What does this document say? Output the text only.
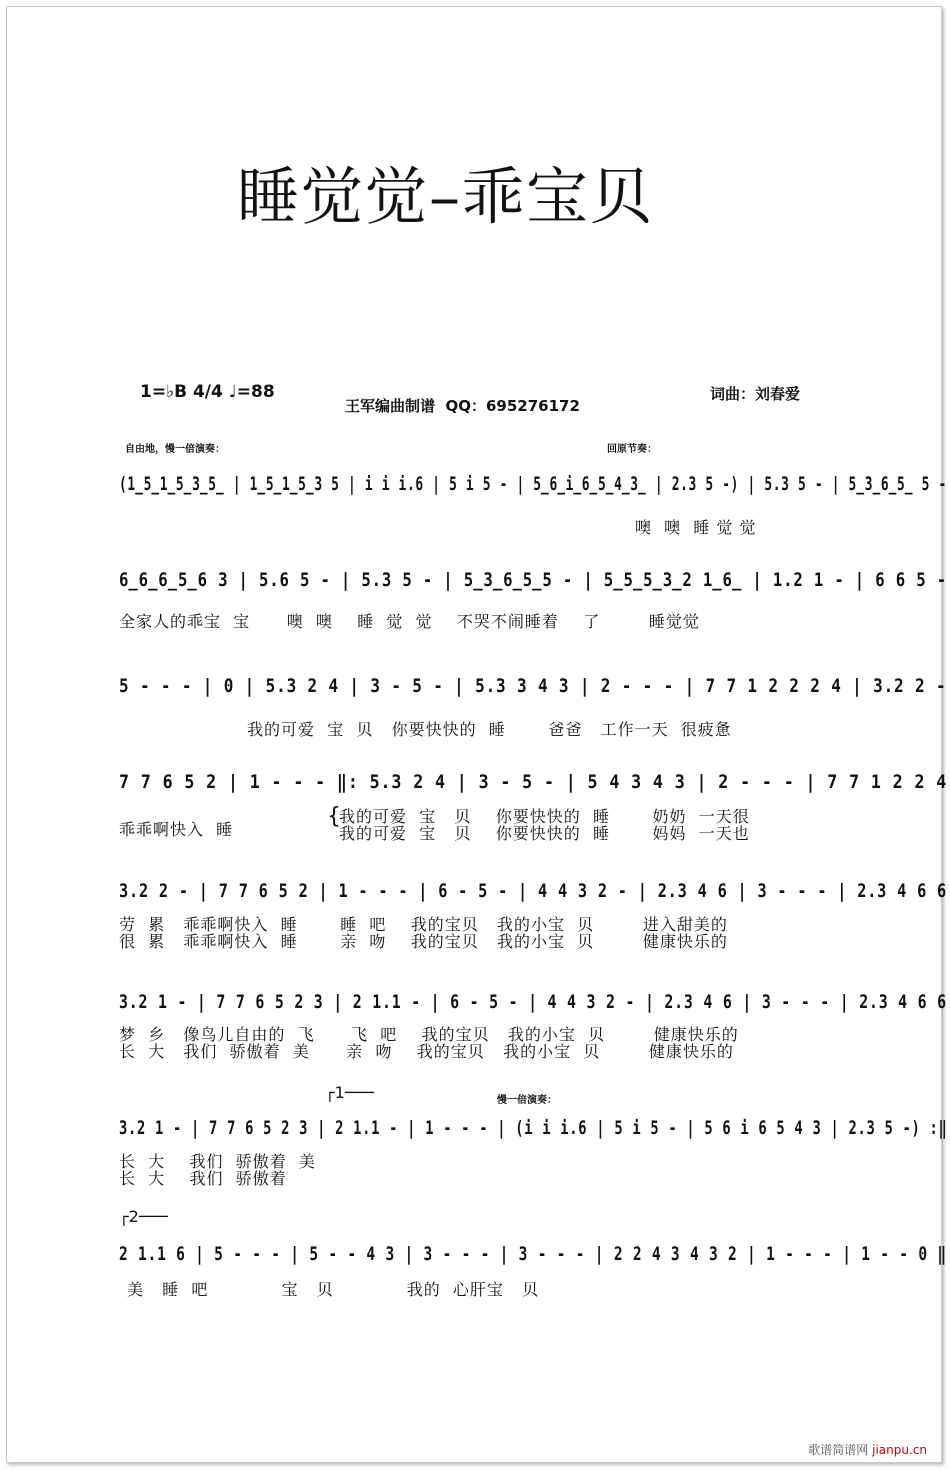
睡觉觉–乖宝贝
1=♭B 4/4 ♩=88
王军编曲制谱  QQ：695276172
词曲：刘春爱
自由地，慢一倍演奏：	回原节奏：
(1̲5̲1̲5̲3̲5̲ | 1̲5̲1̲5̲3 5 | i i i.6 | 5 i 5 - | 5̲6̲i̲6̲5̲4̲3̲ | 2.3 5 -) | 5.3 5 - | 5̲3̲6̲5̲ 5 -
噢  噢  睡 觉 觉
6̲6̲6̲5̲6 3 | 5.6 5 - | 5.3 5 - | 5̲3̲6̲5̲5 - | 5̲5̲5̲3̲2 1̲6̲ | 1.2 1 - | 6 6 5 -
全家人的乖宝  宝      噢  噢    睡  觉  觉    不哭不闹睡着    了        睡觉觉
5 - - - | 0 | 5.3 2 4 | 3 - 5 - | 5.3 3 4 3 | 2 - - - | 7 7 1 2 2 2 4 | 3.2 2 -
我的可爱  宝  贝   你要快快的  睡       爸爸   工作一天  很疲惫
7 7 6 5 2 | 1 - - - ‖: 5.3 2 4 | 3 - 5 - | 5 4 3 4 3 | 2 - - - | 7 7 1 2 2 4
乖乖啊快入  睡
{
我的可爱  宝   贝    你要快快的  睡       奶奶  一天很
我的可爱  宝   贝    你要快快的  睡       妈妈  一天也
3.2 2 - | 7 7 6 5 2 | 1 - - - | 6 - 5 - | 4 4 3 2 - | 2.3 4 6 | 3 - - - | 2.3 4 6 6
劳  累   乖乖啊快入  睡       睡  吧    我的宝贝   我的小宝  贝        进入甜美的
很  累   乖乖啊快入  睡       亲  吻    我的宝贝   我的小宝  贝        健康快乐的
3.2 1 - | 7 7 6 5 2 3 | 2 1.1 - | 6 - 5 - | 4 4 3 2 - | 2.3 4 6 | 3 - - - | 2.3 4 6 6
梦  乡   像鸟儿自由的  飞      飞  吧    我的宝贝   我的小宝  贝        健康快乐的
长  大   我们  骄傲着  美      亲  吻    我的宝贝   我的小宝  贝        健康快乐的
┌1───	慢一倍演奏：
3.2 1 - | 7 7 6 5 2 3 | 2 1.1 - | 1 - - - | (i i i.6 | 5 i 5 - | 5 6 i 6 5 4 3 | 2.3 5 -) :‖
长  大    我们  骄傲着  美
长  大    我们  骄傲着
┌2───
2 1.1 6 | 5 - - - | 5 - - 4 3 | 3 - - - | 3 - - - | 2 2 4 3 4 3 2 | 1 - - - | 1 - - 0 ‖
美   睡  吧            宝   贝            我的  心肝宝   贝
歌谱简谱网 jianpu.cn
